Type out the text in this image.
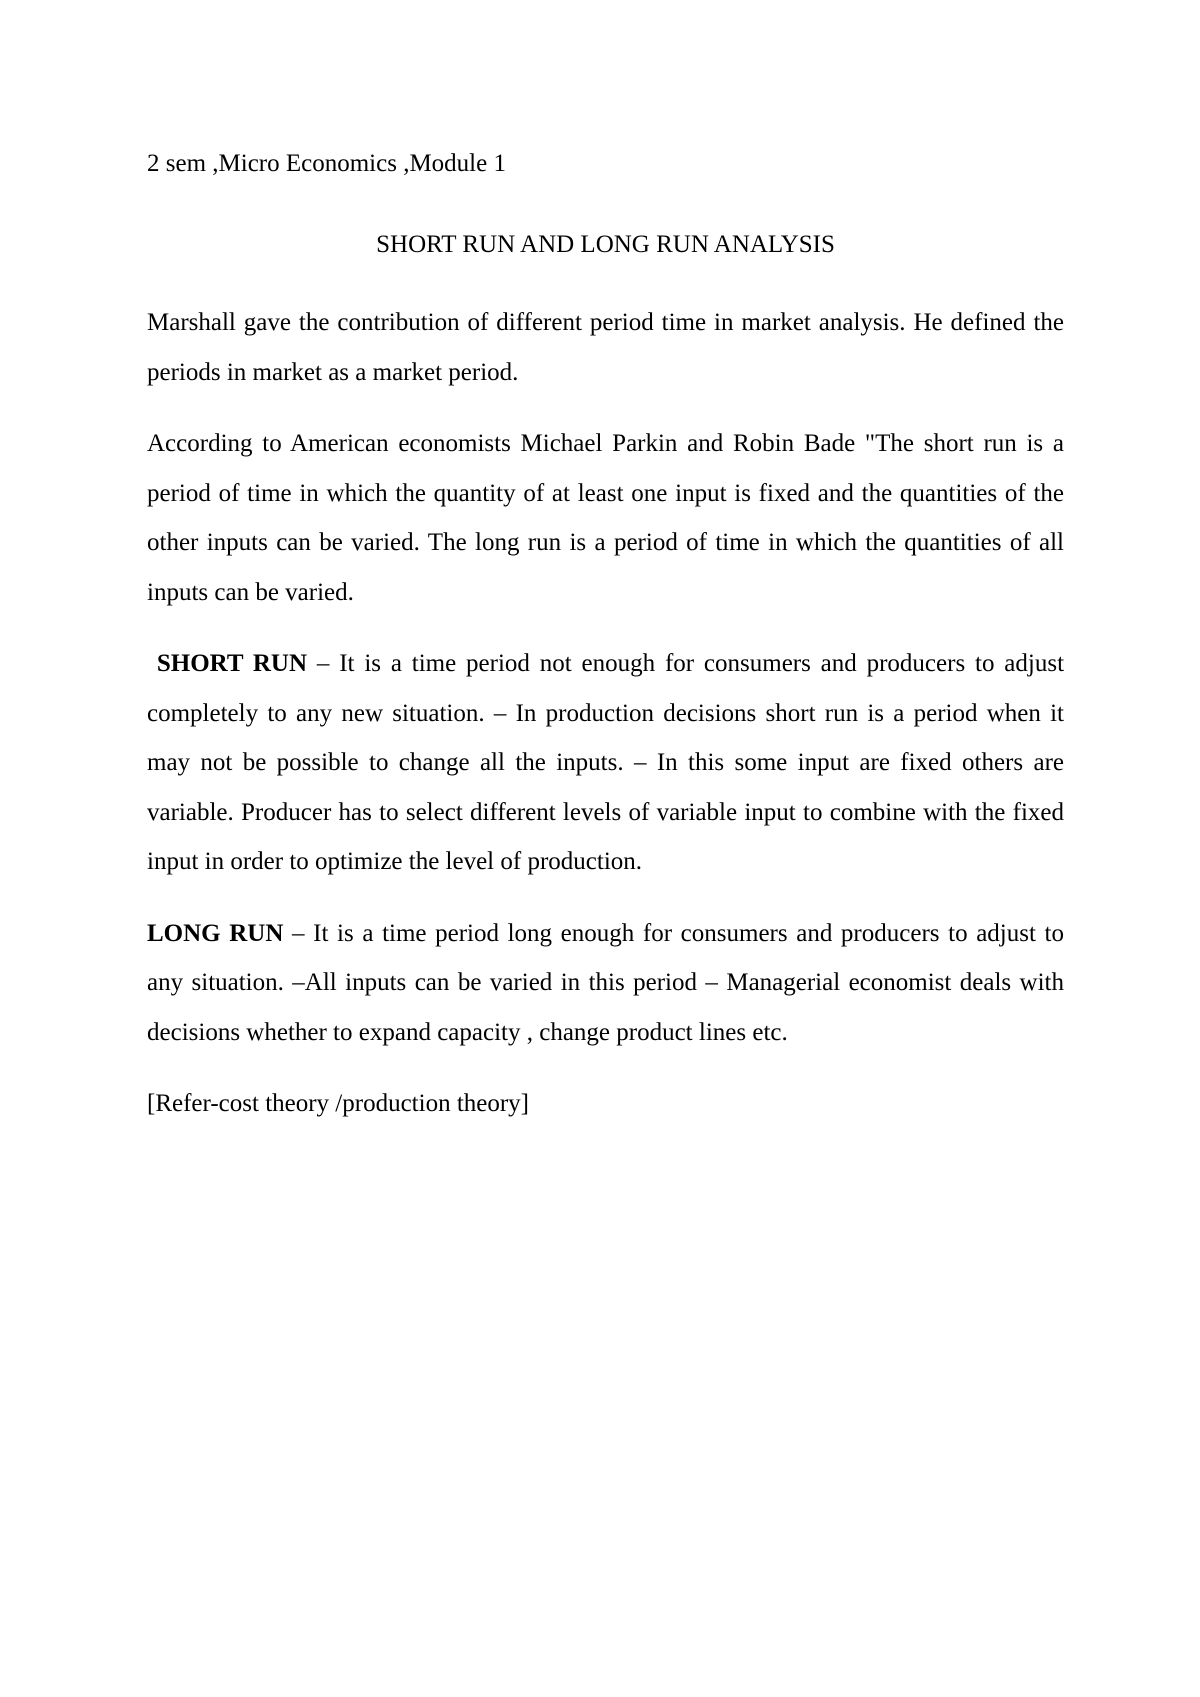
2 sem ,Micro Economics ,Module 1

SHORT RUN AND LONG RUN ANALYSIS

Marshall gave the contribution of different period time in market analysis. He defined the periods in market as a market period.

According to American economists Michael Parkin and Robin Bade "The short run is a period of time in which the quantity of at least one input is fixed and the quantities of the other inputs can be varied. The long run is a period of time in which the quantities of all inputs can be varied.

SHORT RUN – It is a time period not enough for consumers and producers to adjust completely to any new situation. – In production decisions short run is a period when it may not be possible to change all the inputs. – In this some input are fixed others are variable. Producer has to select different levels of variable input to combine with the fixed input in order to optimize the level of production.

LONG RUN – It is a time period long enough for consumers and producers to adjust to any situation. –All inputs can be varied in this period – Managerial economist deals with decisions whether to expand capacity , change product lines etc.

[Refer-cost theory /production theory]
